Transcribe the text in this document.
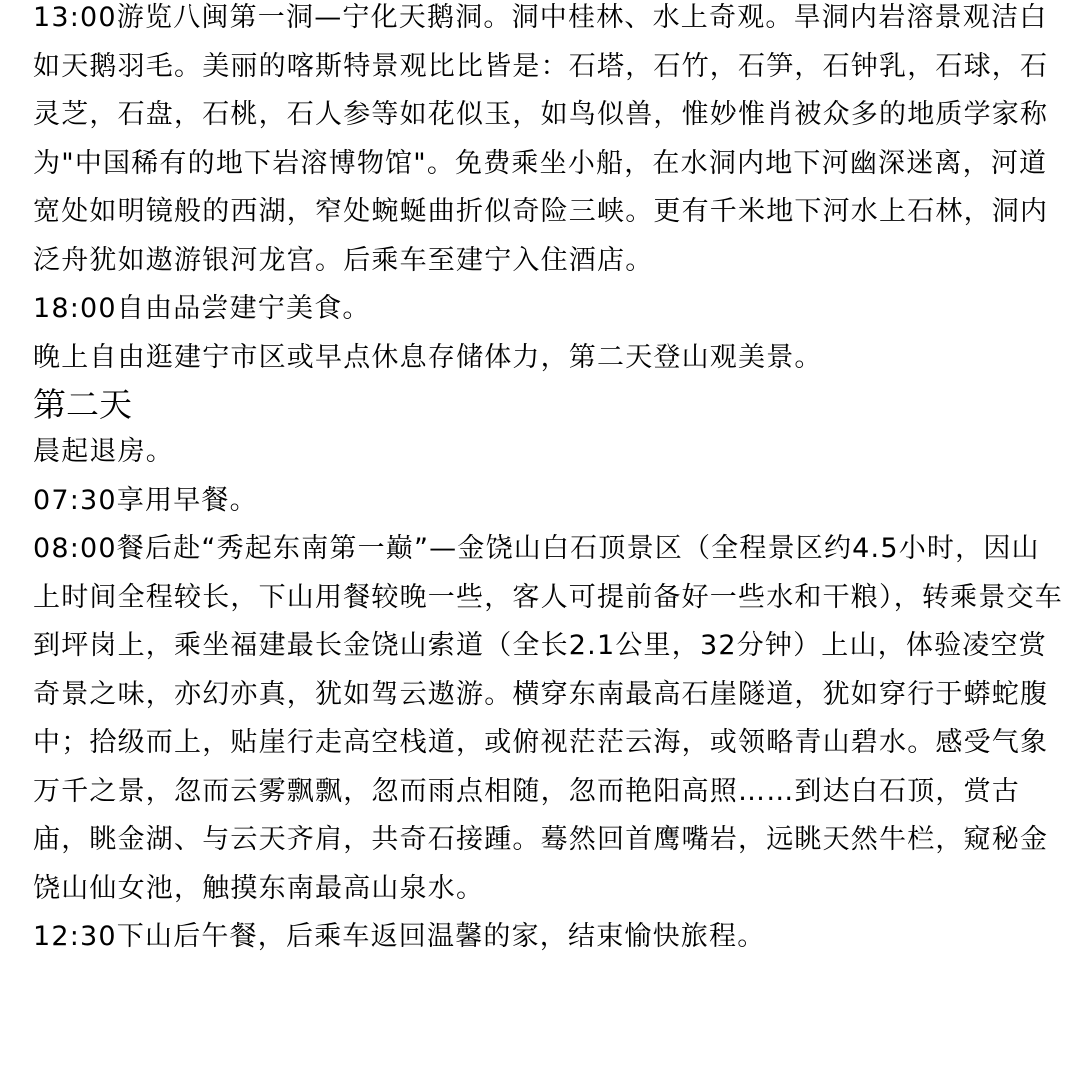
13:00游览八闽第一洞—宁化天鹅洞。洞中桂林、水上奇观。旱洞内岩溶景观洁白如天鹅羽毛。美丽的喀斯特景观比比皆是：石塔，石竹，石笋，石钟乳，石球，石灵芝，石盘，石桃，石人参等如花似玉，如鸟似兽，惟妙惟肖被众多的地质学家称为"中国稀有的地下岩溶博物馆"。免费乘坐小船，在水洞内地下河幽深迷离，河道宽处如明镜般的西湖，窄处蜿蜒曲折似奇险三峡。更有千米地下河水上石林，洞内泛舟犹如遨游银河龙宫。后乘车至建宁入住酒店。

18:00自由品尝建宁美食。

晚上自由逛建宁市区或早点休息存储体力，第二天登山观美景。

第二天

晨起退房。

07:30享用早餐。

08:00餐后赴“秀起东南第一巅”—金饶山白石顶景区（全程景区约4.5小时，因山上时间全程较长，下山用餐较晚一些，客人可提前备好一些水和干粮），转乘景交车到坪岗上，乘坐福建最长金饶山索道（全长2.1公里，32分钟）上山，体验凌空赏奇景之味，亦幻亦真，犹如驾云遨游。横穿东南最高石崖隧道，犹如穿行于蟒蛇腹中；拾级而上，贴崖行走高空栈道，或俯视茫茫云海，或领略青山碧水。感受气象万千之景，忽而云雾飘飘，忽而雨点相随，忽而艳阳高照……到达白石顶，赏古庙，眺金湖、与云天齐肩，共奇石接踵。蓦然回首鹰嘴岩，远眺天然牛栏，窥秘金饶山仙女池，触摸东南最高山泉水。

12:30下山后午餐，后乘车返回温馨的家，结束愉快旅程。
